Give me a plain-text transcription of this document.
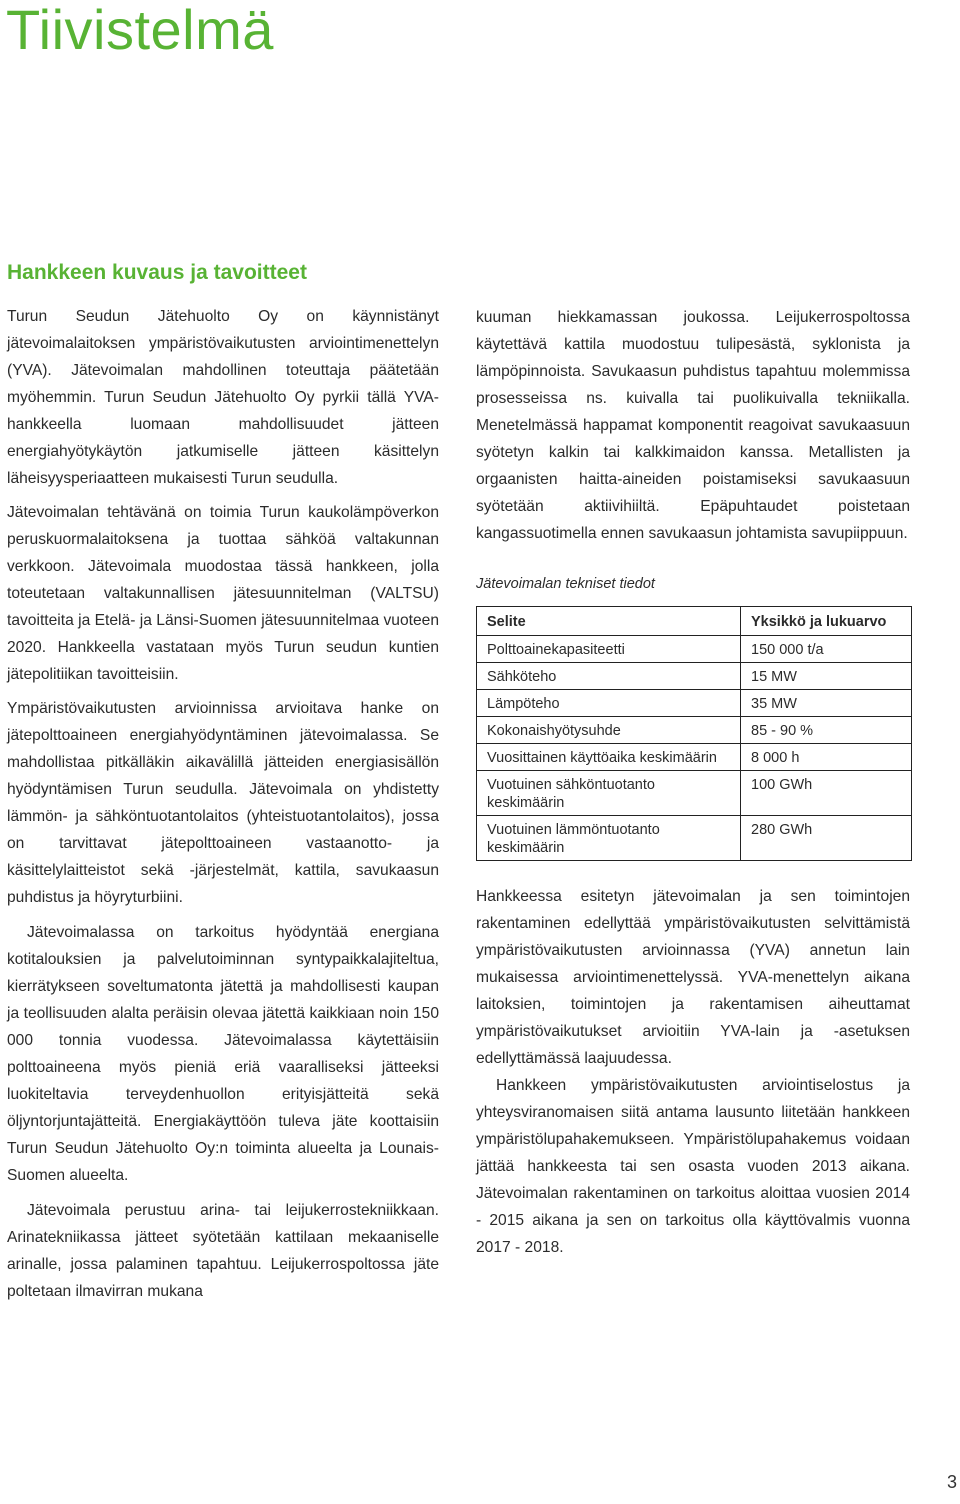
Tiivistelmä
Hankkeen kuvaus ja tavoitteet

Turun Seudun Jätehuolto Oy on käynnistänyt jätevoimalaitoksen ympäristövaikutusten arviointimenettelyn (YVA). Jätevoimalan mahdollinen toteuttaja päätetään myöhemmin. Turun Seudun Jätehuolto Oy pyrkii tällä YVA-hankkeella luomaan mahdollisuudet jätteen energiahyötykäytön jatkumiselle jätteen käsittelyn läheisyysperiaatteen mukaisesti Turun seudulla.

Jätevoimalan tehtävänä on toimia Turun kaukolämpöverkon peruskuormalaitoksena ja tuottaa sähköä valtakunnan verkkoon. Jätevoimala muodostaa tässä hankkeen, jolla toteutetaan valtakunnallisen jätesuunnitelman (VALTSU) tavoitteita ja Etelä- ja Länsi-Suomen jätesuunnitelmaa vuoteen 2020. Hankkeella vastataan myös Turun seudun kuntien jätepolitiikan tavoitteisiin.

Ympäristövaikutusten arvioinnissa arvioitava hanke on jätepolttoaineen energiahyödyntäminen jätevoimalassa. Se mahdollistaa pitkälläkin aikavälillä jätteiden energiasisällön hyödyntämisen Turun seudulla. Jätevoimala on yhdistetty lämmön- ja sähköntuotantolaitos (yhteistuotantolaitos), jossa on tarvittavat jätepolttoaineen vastaanotto- ja käsittelylaitteistot sekä -järjestelmät, kattila, savukaasun puhdistus ja höyryturbiini.

Jätevoimalassa on tarkoitus hyödyntää energiana kotitalouksien ja palvelutoiminnan syntypaikkalajiteltua, kierrätykseen soveltumatonta jätettä ja mahdollisesti kaupan ja teollisuuden alalta peräisin olevaa jätettä kaikkiaan noin 150 000 tonnia vuodessa. Jätevoimalassa käytettäisiin polttoaineena myös pieniä eriä vaaralliseksi jätteeksi luokiteltavia terveydenhuollon erityisjätteitä sekä öljyntorjuntajätteitä. Energiakäyttöön tuleva jäte koottaisiin Turun Seudun Jätehuolto Oy:n toiminta alueelta ja Lounais-Suomen alueelta.

Jätevoimala perustuu arina- tai leijukerrostekniikkaan. Arinatekniikassa jätteet syötetään kattilaan mekaaniselle arinalle, jossa palaminen tapahtuu. Leijukerrospoltossa jäte poltetaan ilmavirran mukana

kuuman hiekkamassan joukossa. Leijukerrospoltossa käytettävä kattila muodostuu tulipesästä, syklonista ja lämpöpinnoista. Savukaasun puhdistus tapahtuu molemmissa prosesseissa ns. kuivalla tai puolikuivalla tekniikalla. Menetelmässä happamat komponentit reagoivat savukaasuun syötetyn kalkin tai kalkkimaidon kanssa. Metallisten ja orgaanisten haitta-aineiden poistamiseksi savukaasuun syötetään aktiivihiiltä. Epäpuhtaudet poistetaan kangassuotimella ennen savukaasun johtamista savupiippuun.

Jätevoimalan tekniset tiedot

Selite	Yksikkö ja lukuarvo
Polttoainekapasiteetti	150 000 t/a
Sähköteho	15 MW
Lämpöteho	35 MW
Kokonaishyötysuhde	85 - 90 %
Vuosittainen käyttöaika keskimäärin	8 000 h
Vuotuinen sähköntuotanto keskimäärin	100 GWh
Vuotuinen lämmöntuotanto keskimäärin	280 GWh

Hankkeessa esitetyn jätevoimalan ja sen toimintojen rakentaminen edellyttää ympäristövaikutusten selvittämistä ympäristövaikutusten arvioinnassa (YVA) annetun lain mukaisessa arviointimenettelyssä. YVA-menettelyn aikana laitoksien, toimintojen ja rakentamisen aiheuttamat ympäristövaikutukset arvioitiin YVA-lain ja -asetuksen edellyttämässä laajuudessa.

Hankkeen ympäristövaikutusten arviointiselostus ja yhteysviranomaisen siitä antama lausunto liitetään hankkeen ympäristölupahakemukseen. Ympäristölupahakemus voidaan jättää hankkeesta tai sen osasta vuoden 2013 aikana. Jätevoimalan rakentaminen on tarkoitus aloittaa vuosien 2014 - 2015 aikana ja sen on tarkoitus olla käyttövalmis vuonna 2017 - 2018.

3
